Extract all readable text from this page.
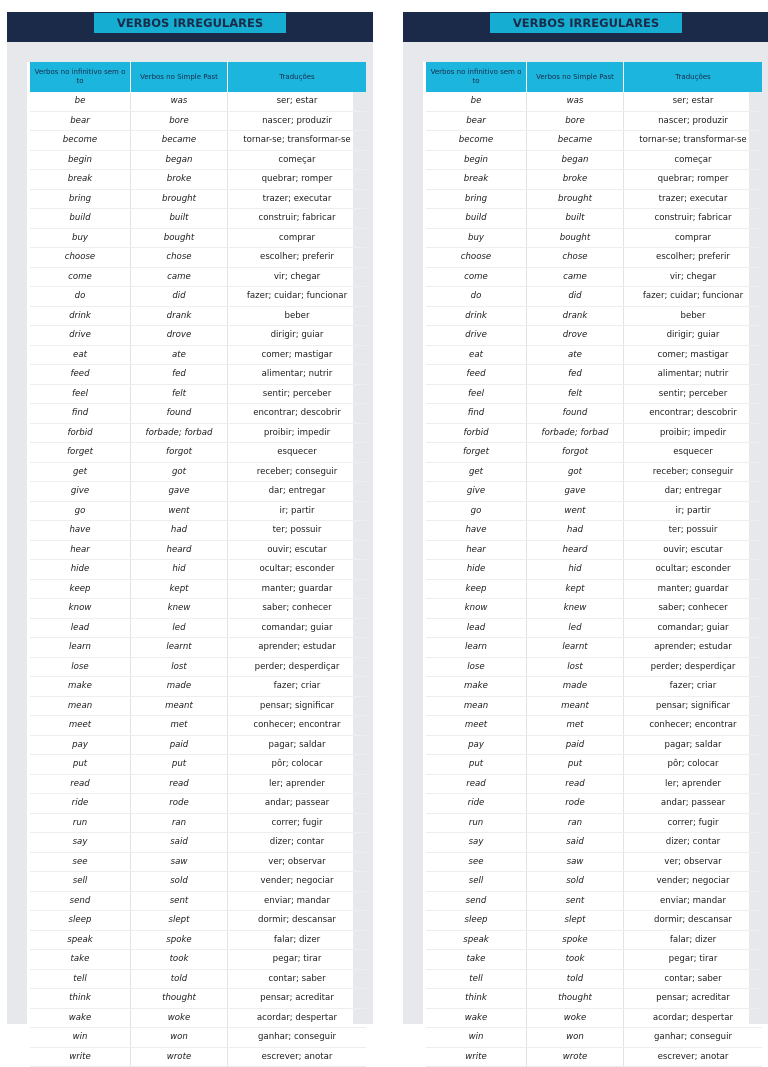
VERBOS IRREGULARES
Verbos no infinitivo sem o to	Verbos no Simple Past	Traduções
be	was	ser; estar
bear	bore	nascer; produzir
become	became	tornar-se; transformar-se
begin	began	começar
break	broke	quebrar; romper
bring	brought	trazer; executar
build	built	construir; fabricar
buy	bought	comprar
choose	chose	escolher; preferir
come	came	vir; chegar
do	did	fazer; cuidar; funcionar
drink	drank	beber
drive	drove	dirigir; guiar
eat	ate	comer; mastigar
feed	fed	alimentar; nutrir
feel	felt	sentir; perceber
find	found	encontrar; descobrir
forbid	forbade; forbad	proibir; impedir
forget	forgot	esquecer
get	got	receber; conseguir
give	gave	dar; entregar
go	went	ir; partir
have	had	ter; possuir
hear	heard	ouvir; escutar
hide	hid	ocultar; esconder
keep	kept	manter; guardar
know	knew	saber; conhecer
lead	led	comandar; guiar
learn	learnt	aprender; estudar
lose	lost	perder; desperdiçar
make	made	fazer; criar
mean	meant	pensar; significar
meet	met	conhecer; encontrar
pay	paid	pagar; saldar
put	put	pôr; colocar
read	read	ler; aprender
ride	rode	andar; passear
run	ran	correr; fugir
say	said	dizer; contar
see	saw	ver; observar
sell	sold	vender; negociar
send	sent	enviar; mandar
sleep	slept	dormir; descansar
speak	spoke	falar; dizer
take	took	pegar; tirar
tell	told	contar; saber
think	thought	pensar; acreditar
wake	woke	acordar; despertar
win	won	ganhar; conseguir
write	wrote	escrever; anotar
VERBOS IRREGULARES
Verbos no infinitivo sem o to	Verbos no Simple Past	Traduções
be	was	ser; estar
bear	bore	nascer; produzir
become	became	tornar-se; transformar-se
begin	began	começar
break	broke	quebrar; romper
bring	brought	trazer; executar
build	built	construir; fabricar
buy	bought	comprar
choose	chose	escolher; preferir
come	came	vir; chegar
do	did	fazer; cuidar; funcionar
drink	drank	beber
drive	drove	dirigir; guiar
eat	ate	comer; mastigar
feed	fed	alimentar; nutrir
feel	felt	sentir; perceber
find	found	encontrar; descobrir
forbid	forbade; forbad	proibir; impedir
forget	forgot	esquecer
get	got	receber; conseguir
give	gave	dar; entregar
go	went	ir; partir
have	had	ter; possuir
hear	heard	ouvir; escutar
hide	hid	ocultar; esconder
keep	kept	manter; guardar
know	knew	saber; conhecer
lead	led	comandar; guiar
learn	learnt	aprender; estudar
lose	lost	perder; desperdiçar
make	made	fazer; criar
mean	meant	pensar; significar
meet	met	conhecer; encontrar
pay	paid	pagar; saldar
put	put	pôr; colocar
read	read	ler; aprender
ride	rode	andar; passear
run	ran	correr; fugir
say	said	dizer; contar
see	saw	ver; observar
sell	sold	vender; negociar
send	sent	enviar; mandar
sleep	slept	dormir; descansar
speak	spoke	falar; dizer
take	took	pegar; tirar
tell	told	contar; saber
think	thought	pensar; acreditar
wake	woke	acordar; despertar
win	won	ganhar; conseguir
write	wrote	escrever; anotar
